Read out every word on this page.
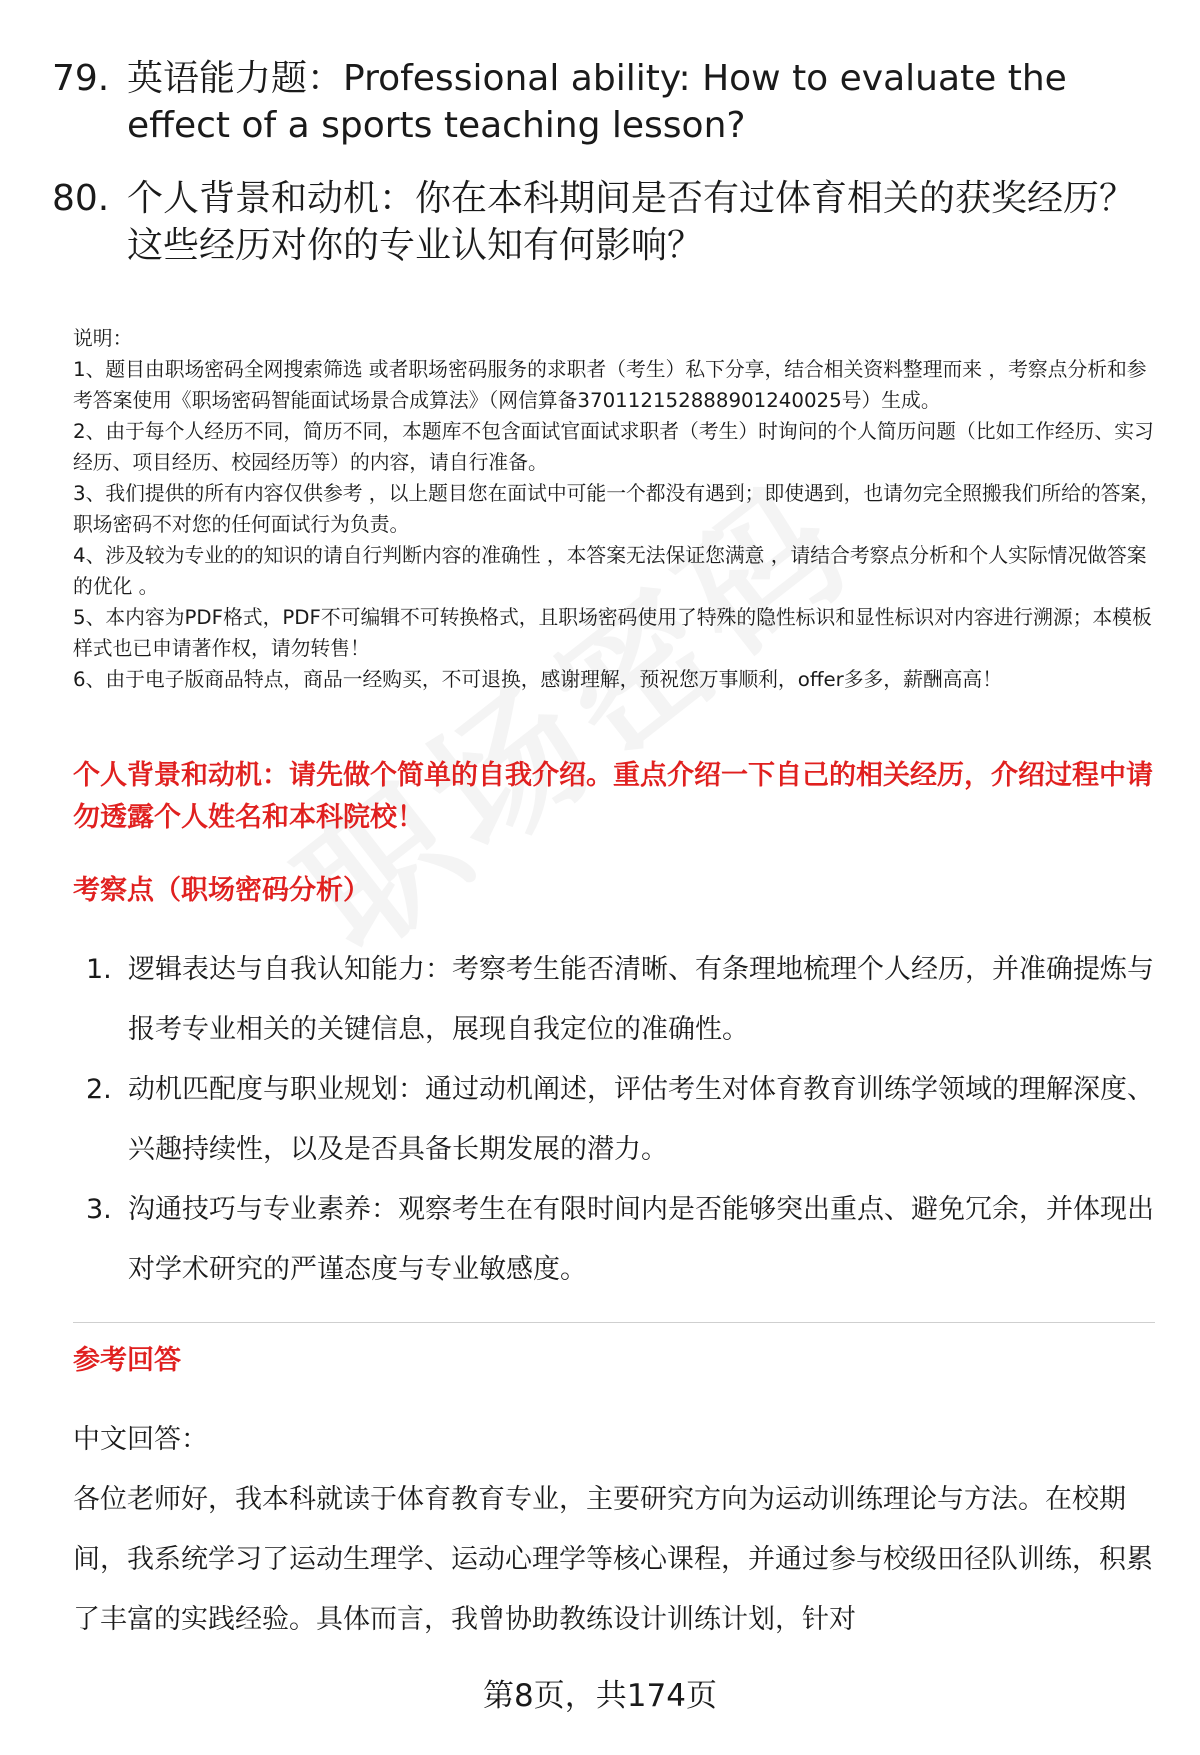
79. 英语能力题：Professional ability: How to evaluate the effect of a sports teaching lesson?
80. 个人背景和动机：你在本科期间是否有过体育相关的获奖经历？这些经历对你的专业认知有何影响？
说明：
1、题目由职场密码全网搜索筛选 或者职场密码服务的求职者（考生）私下分享，结合相关资料整理而来 ，考察点分析和参考答案使用《职场密码智能面试场景合成算法》（网信算备370112152888901240025号）生成。
2、由于每个人经历不同，简历不同，本题库不包含面试官面试求职者（考生）时询问的个人简历问题（比如工作经历、实习经历、项目经历、校园经历等）的内容，请自行准备。
3、我们提供的所有内容仅供参考 ，以上题目您在面试中可能一个都没有遇到；即使遇到，也请勿完全照搬我们所给的答案，职场密码不对您的任何面试行为负责。
4、涉及较为专业的的知识的请自行判断内容的准确性 ，本答案无法保证您满意 ，请结合考察点分析和个人实际情况做答案的优化 。
5、本内容为PDF格式，PDF不可编辑不可转换格式，且职场密码使用了特殊的隐性标识和显性标识对内容进行溯源；本模板样式也已申请著作权，请勿转售！
6、由于电子版商品特点，商品一经购买，不可退换，感谢理解，预祝您万事顺利，offer多多，薪酬高高！
个人背景和动机：请先做个简单的自我介绍。重点介绍一下自己的相关经历，介绍过程中请勿透露个人姓名和本科院校！
考察点（职场密码分析）
1. 逻辑表达与自我认知能力：考察考生能否清晰、有条理地梳理个人经历，并准确提炼与报考专业相关的关键信息，展现自我定位的准确性。
2. 动机匹配度与职业规划：通过动机阐述，评估考生对体育教育训练学领域的理解深度、兴趣持续性，以及是否具备长期发展的潜力。
3. 沟通技巧与专业素养：观察考生在有限时间内是否能够突出重点、避免冗余，并体现出对学术研究的严谨态度与专业敏感度。
参考回答
中文回答：
各位老师好，我本科就读于体育教育专业，主要研究方向为运动训练理论与方法。在校期间，我系统学习了运动生理学、运动心理学等核心课程，并通过参与校级田径队训练，积累了丰富的实践经验。具体而言，我曾协助教练设计训练计划，针对
第8页，共174页
